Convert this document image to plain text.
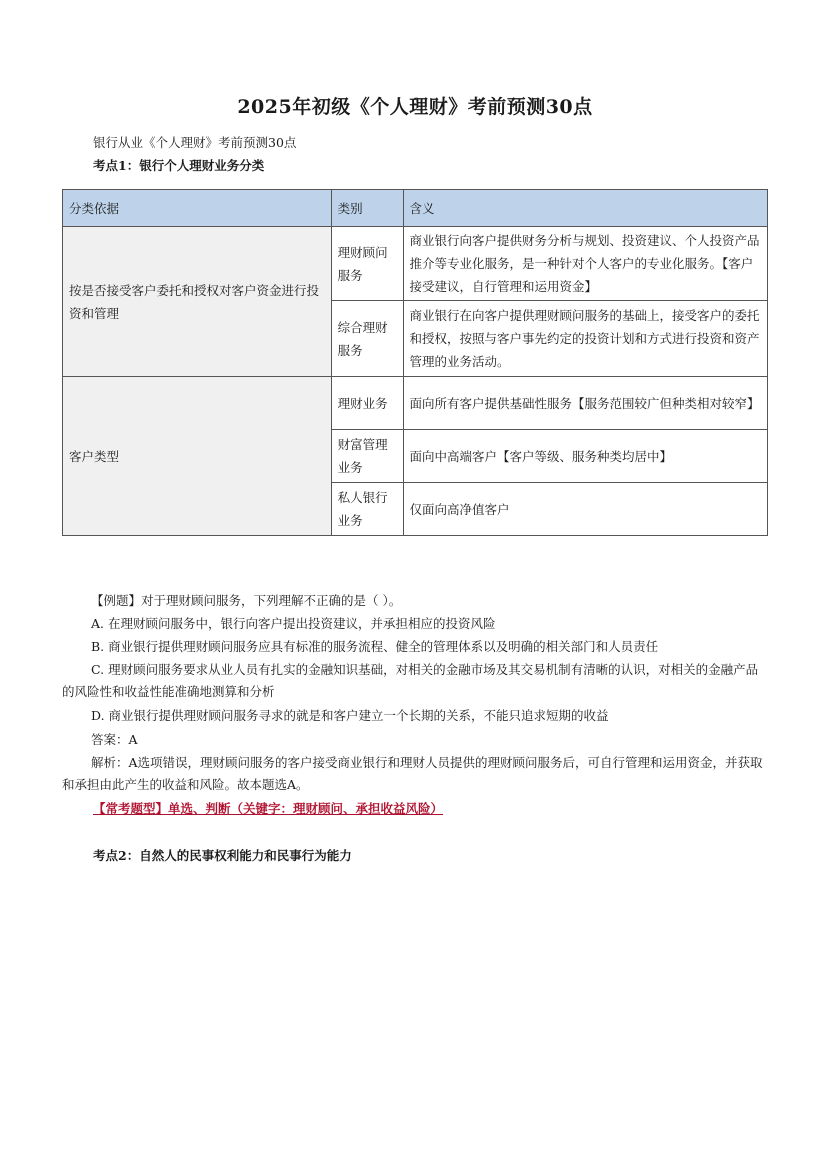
2025年初级《个人理财》考前预测30点
银行从业《个人理财》考前预测30点
考点1：银行个人理财业务分类
分类依据	类别	含义
按是否接受客户委托和授权对客户资金进行投资和管理	理财顾问服务	商业银行向客户提供财务分析与规划、投资建议、个人投资产品推介等专业化服务，是一种针对个人客户的专业化服务。【客户接受建议，自行管理和运用资金】
	综合理财服务	商业银行在向客户提供理财顾问服务的基础上，接受客户的委托和授权，按照与客户事先约定的投资计划和方式进行投资和资产管理的业务活动。
客户类型	理财业务	面向所有客户提供基础性服务【服务范围较广但种类相对较窄】
	财富管理业务	面向中高端客户【客户等级、服务种类均居中】
	私人银行业务	仅面向高净值客户
【例题】对于理财顾问服务，下列理解不正确的是（ ）。
A. 在理财顾问服务中，银行向客户提出投资建议，并承担相应的投资风险
B. 商业银行提供理财顾问服务应具有标准的服务流程、健全的管理体系以及明确的相关部门和人员责任
C. 理财顾问服务要求从业人员有扎实的金融知识基础，对相关的金融市场及其交易机制有清晰的认识，对相关的金融产品的风险性和收益性能准确地测算和分析
D. 商业银行提供理财顾问服务寻求的就是和客户建立一个长期的关系，不能只追求短期的收益
答案：A
解析：A选项错误，理财顾问服务的客户接受商业银行和理财人员提供的理财顾问服务后，可自行管理和运用资金，并获取和承担由此产生的收益和风险。故本题选A。
【常考题型】单选、判断（关键字：理财顾问、承担收益风险）
考点2：自然人的民事权利能力和民事行为能力
